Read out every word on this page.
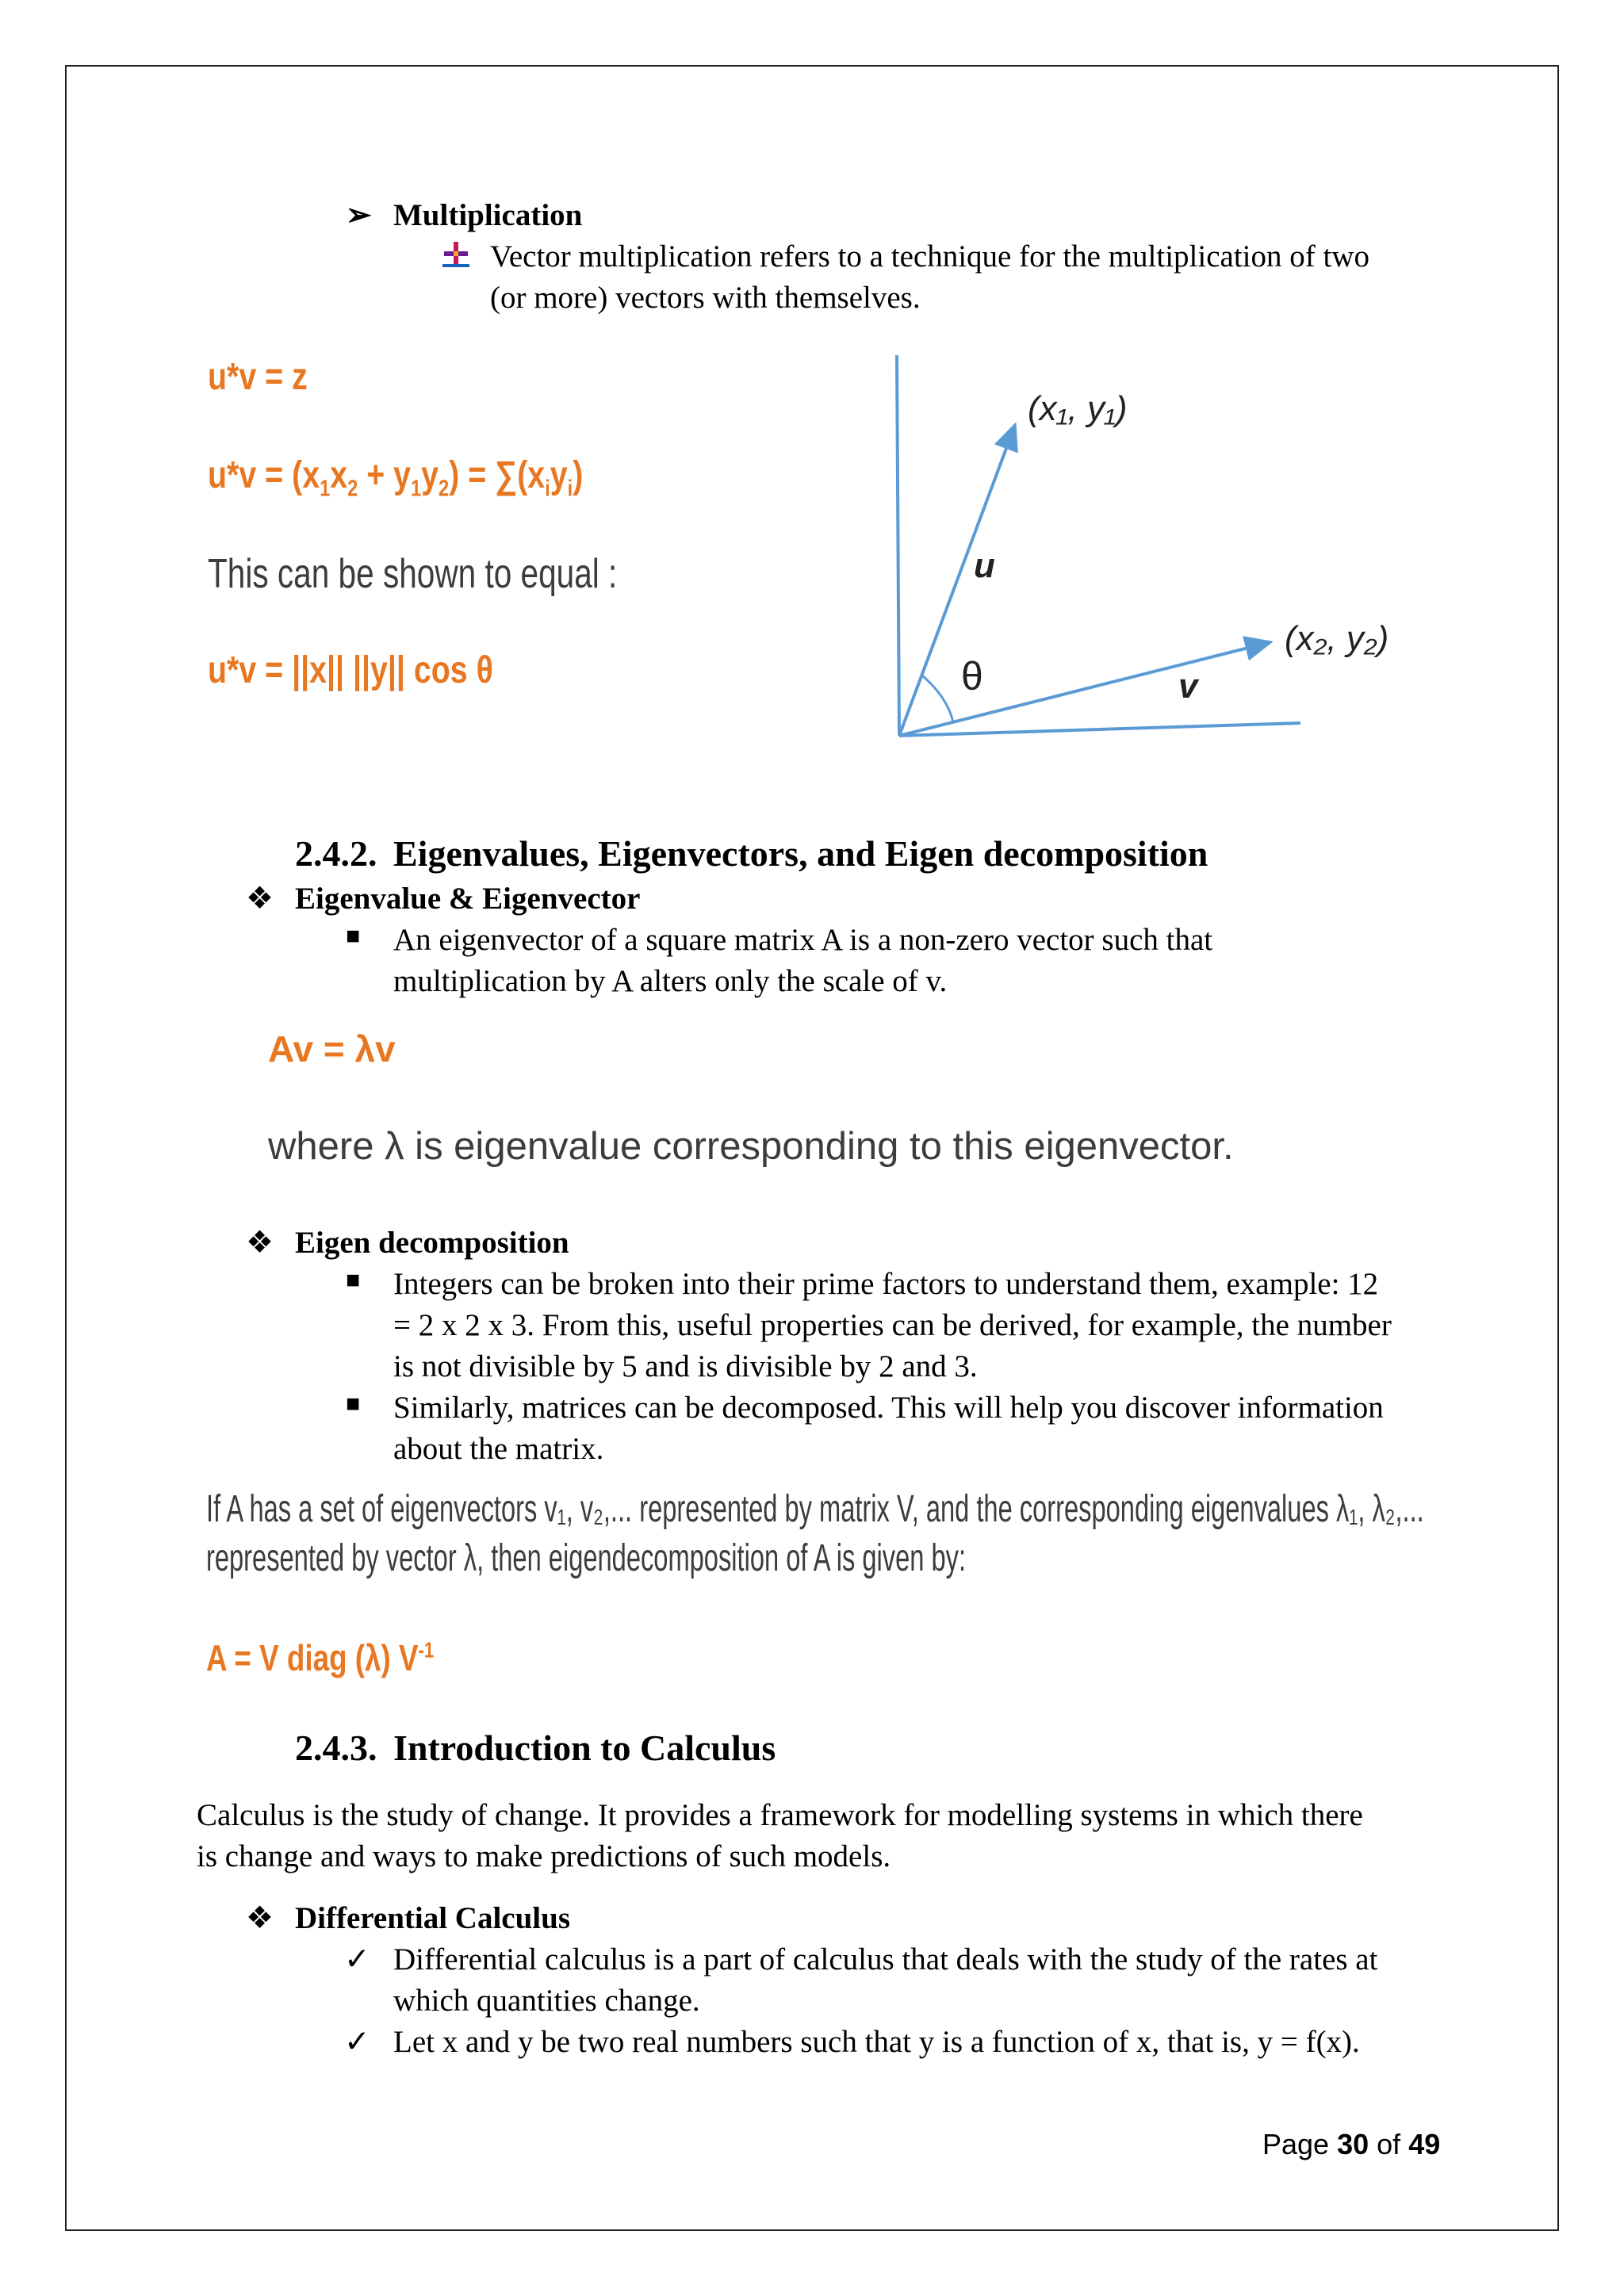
➢ Multiplication
Vector multiplication refers to a technique for the multiplication of two
(or more) vectors with themselves.
u*v = z
$u*v = (x_1x_2 + y_1y_2) = \sum(x_iy_i)$
This can be shown to equal :
u*v = ||x|| ||y|| cos θ
u
θ	v
(x₁, y₁)
(x₂, y₂)
2.4.2. Eigenvalues, Eigenvectors, and Eigen decomposition
❖ Eigenvalue & Eigenvector
■ An eigenvector of a square matrix A is a non-zero vector such that
multiplication by A alters only the scale of v.
Av = λv
where λ is eigenvalue corresponding to this eigenvector.
❖ Eigen decomposition
■ Integers can be broken into their prime factors to understand them, example: 12
= 2 x 2 x 3. From this, useful properties can be derived, for example, the number
is not divisible by 5 and is divisible by 2 and 3.
■ Similarly, matrices can be decomposed. This will help you discover information
about the matrix.
If A has a set of eigenvectors v₁, v₂,... represented by matrix V, and the corresponding eigenvalues λ₁, λ₂,...
represented by vector λ, then eigendecomposition of A is given by:
A = V diag (λ) $V^{-1}$
2.4.3. Introduction to Calculus
Calculus is the study of change. It provides a framework for modelling systems in which there
is change and ways to make predictions of such models.
❖ Differential Calculus
✓ Differential calculus is a part of calculus that deals with the study of the rates at
which quantities change.
✓ Let x and y be two real numbers such that y is a function of x, that is, y = f(x).
Page 30 of 49
